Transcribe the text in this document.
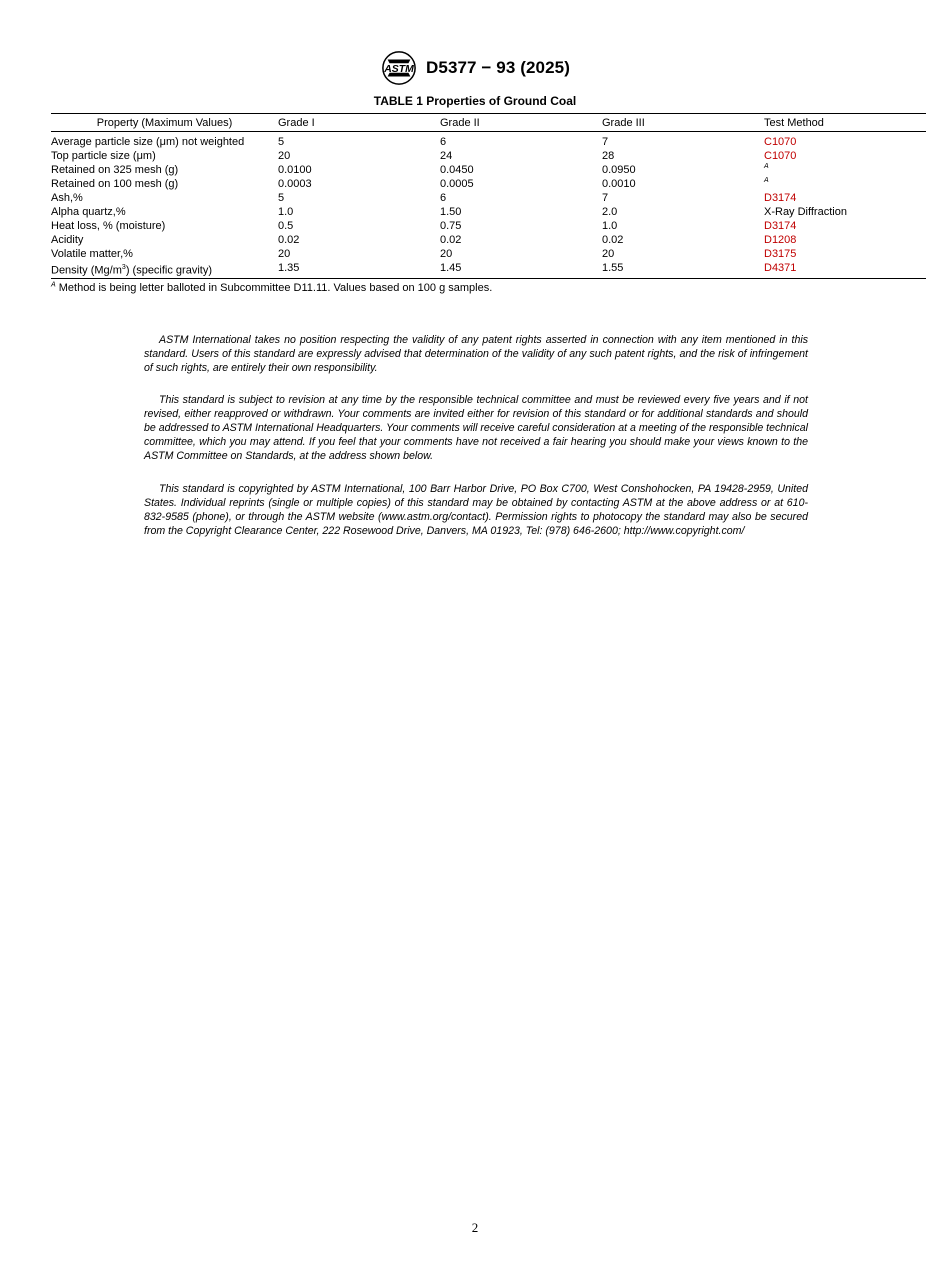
ASTM D5377 − 93 (2025)
TABLE 1 Properties of Ground Coal
Property (Maximum Values)	Grade I	Grade II	Grade III	Test Method
Average particle size (μm) not weighted	5	6	7	C1070
Top particle size (μm)	20	24	28	C1070
Retained on 325 mesh (g)	0.0100	0.0450	0.0950	A
Retained on 100 mesh (g)	0.0003	0.0005	0.0010	A
Ash,%	5	6	7	D3174
Alpha quartz,%	1.0	1.50	2.0	X-Ray Diffraction
Heat loss, % (moisture)	0.5	0.75	1.0	D3174
Acidity	0.02	0.02	0.02	D1208
Volatile matter,%	20	20	20	D3175
Density $(Mg/m^3)$ (specific gravity)	1.35	1.45	1.55	D4371
$^A$ Method is being letter balloted in Subcommittee D11.11. Values based on 100 g samples.

ASTM International takes no position respecting the validity of any patent rights asserted in connection with any item mentioned in this standard. Users of this standard are expressly advised that determination of the validity of any such patent rights, and the risk of infringement of such rights, are entirely their own responsibility.

This standard is subject to revision at any time by the responsible technical committee and must be reviewed every five years and if not revised, either reapproved or withdrawn. Your comments are invited either for revision of this standard or for additional standards and should be addressed to ASTM International Headquarters. Your comments will receive careful consideration at a meeting of the responsible technical committee, which you may attend. If you feel that your comments have not received a fair hearing you should make your views known to the ASTM Committee on Standards, at the address shown below.

This standard is copyrighted by ASTM International, 100 Barr Harbor Drive, PO Box C700, West Conshohocken, PA 19428-2959, United States. Individual reprints (single or multiple copies) of this standard may be obtained by contacting ASTM at the above address or at 610-832-9585 (phone), or through the ASTM website (www.astm.org/contact). Permission rights to photocopy the standard may also be secured from the Copyright Clearance Center, 222 Rosewood Drive, Danvers, MA 01923, Tel: (978) 646-2600; http://www.copyright.com/

2
